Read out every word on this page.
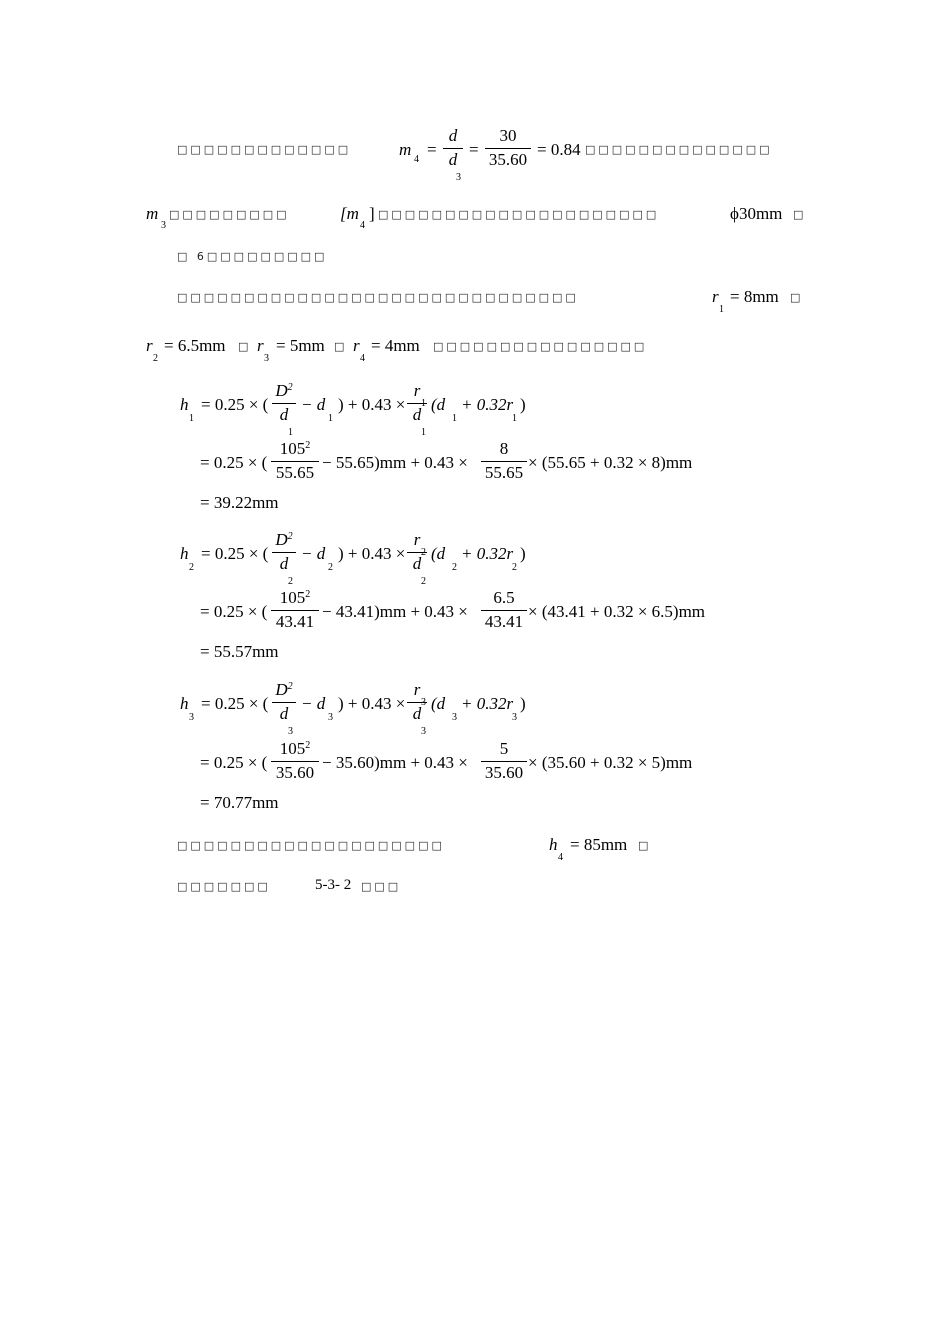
□□□□□□□□□□□□□	m
4
=
d
d
3
=
30
35.60
= 0.84 □□□□□□□□□□□□□□
m
3
□□□□□□□□□	[m
4
] □□□□□□□□□□□□□□□□□□□□□	ϕ30mm □
□ 6□□□□□□□□□
□□□□□□□□□□□□□□□□□□□□□□□□□□□□□□	r
1
= 8mm □
r
2
= 6.5mm □ r
3
= 5mm □ r
4
= 4mm □□□□□□□□□□□□□□□□
h
1
= 0.25 × (
$D^2$
d
1
− d
1
) + 0.43 ×
r
d
1
1
(d
1
+ 0.32r
1
)
= 0.25 × (
$105^2$
55.65
− 55.65)mm + 0.43 ×
8
55.65
× (55.65 + 0.32 × 8)mm
= 39.22mm
h
2
= 0.25 × (
$D^2$
d
2
− d
2
) + 0.43 ×
r
d
2
2
(d
2
+ 0.32r
2
)
= 0.25 × (
$105^2$
43.41
− 43.41)mm + 0.43 ×
6.5
43.41
× (43.41 + 0.32 × 6.5)mm
= 55.57mm
h
3
= 0.25 × (
$D^2$
d
3
− d
3
) + 0.43 ×
r
d
3
3
(d
3
+ 0.32r
3
)
= 0.25 × (
$105^2$
35.60
− 35.60)mm + 0.43 ×
5
35.60
× (35.60 + 0.32 × 5)mm
= 70.77mm
□□□□□□□□□□□□□□□□□□□□	h
4
= 85mm □
□□□□□□□	5-3- 2 □□□
